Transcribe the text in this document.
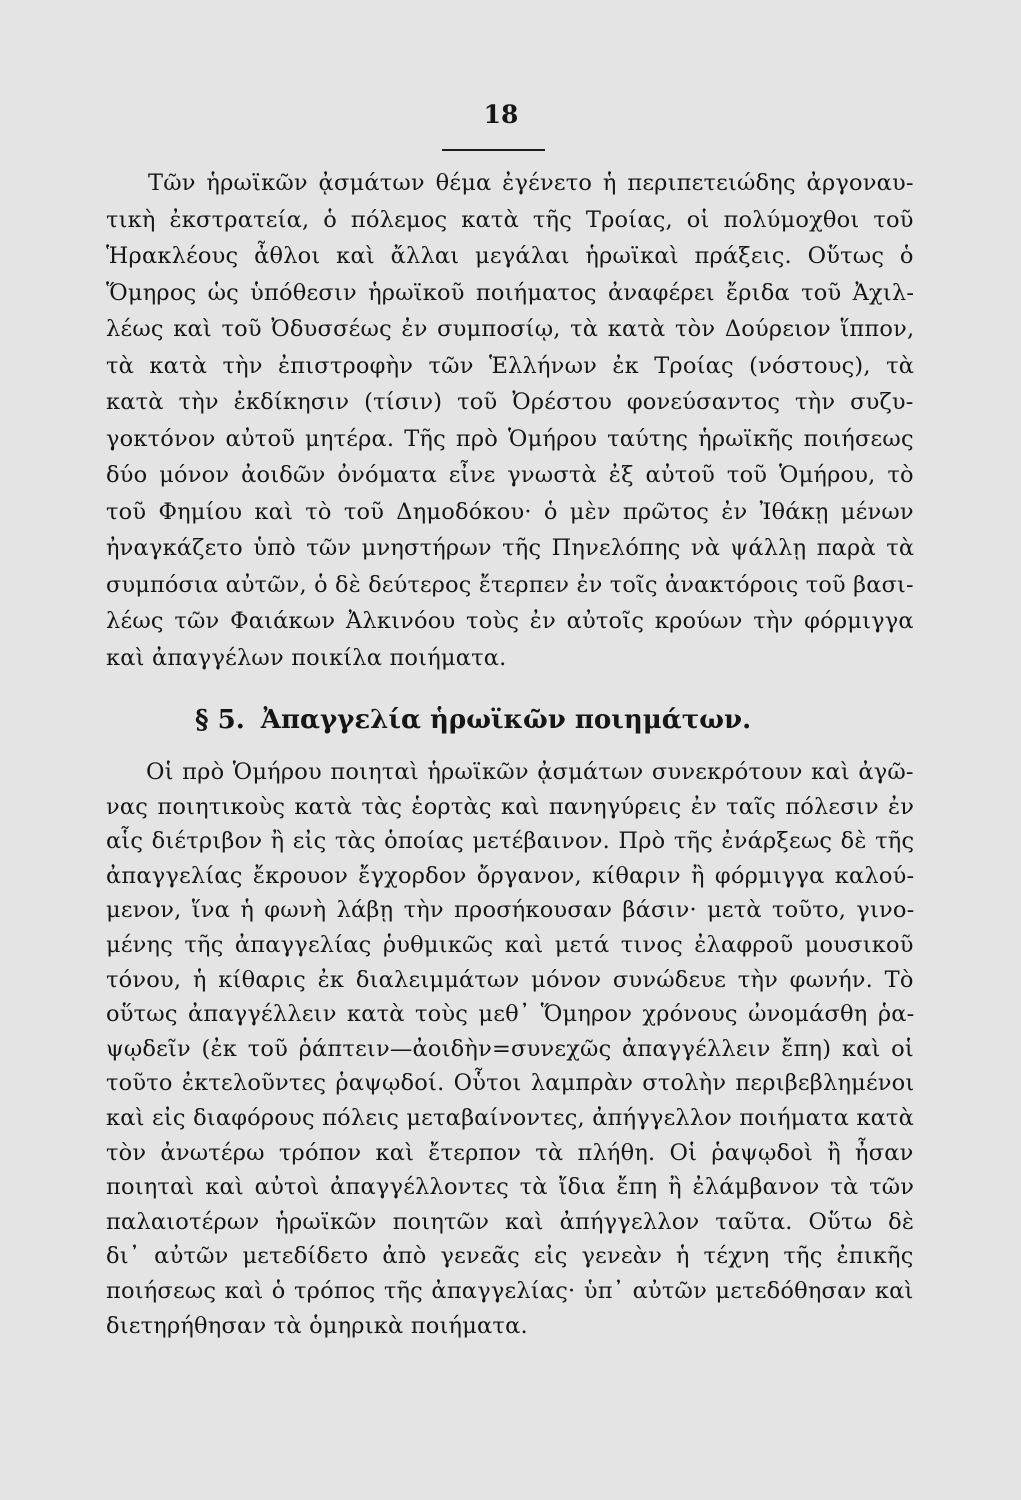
18
Τῶν ἡρωϊκῶν ᾀσμάτων θέμα ἐγένετο ἡ περιπετειώδης ἀργοναυ-
τικὴ ἐκστρατεία, ὁ πόλεμος κατὰ τῆς Τροίας, οἱ πολύμοχθοι τοῦ
Ἡρακλέους ἆθλοι καὶ ἄλλαι μεγάλαι ἡρωϊκαὶ πράξεις. Οὕτως ὁ
Ὅμηρος ὡς ὑπόθεσιν ἡρωϊκοῦ ποιήματος ἀναφέρει ἔριδα τοῦ Ἀχιλ-
λέως καὶ τοῦ Ὀδυσσέως ἐν συμποσίῳ, τὰ κατὰ τὸν Δούρειον ἵππον,
τὰ κατὰ τὴν ἐπιστροφὴν τῶν Ἑλλήνων ἐκ Τροίας (νόστους), τὰ
κατὰ τὴν ἐκδίκησιν (τίσιν) τοῦ Ὀρέστου φονεύσαντος τὴν συζυ-
γοκτόνον αὐτοῦ μητέρα. Τῆς πρὸ Ὁμήρου ταύτης ἡρωϊκῆς ποιήσεως
δύο μόνον ἀοιδῶν ὀνόματα εἶνε γνωστὰ ἐξ αὐτοῦ τοῦ Ὁμήρου, τὸ
τοῦ Φημίου καὶ τὸ τοῦ Δημοδόκου· ὁ μὲν πρῶτος ἐν Ἰθάκῃ μένων
ἠναγκάζετο ὑπὸ τῶν μνηστήρων τῆς Πηνελόπης νὰ ψάλλῃ παρὰ τὰ
συμπόσια αὐτῶν, ὁ δὲ δεύτερος ἔτερπεν ἐν τοῖς ἀνακτόροις τοῦ βασι-
λέως τῶν Φαιάκων Ἀλκινόου τοὺς ἐν αὐτοῖς κρούων τὴν φόρμιγγα
καὶ ἀπαγγέλων ποικίλα ποιήματα.
§ 5. Ἀπαγγελία ἡρωϊκῶν ποιημάτων.
Οἱ πρὸ Ὁμήρου ποιηταὶ ἡρωϊκῶν ᾀσμάτων συνεκρότουν καὶ ἀγῶ-
νας ποιητικοὺς κατὰ τὰς ἑορτὰς καὶ πανηγύρεις ἐν ταῖς πόλεσιν ἐν
αἷς διέτριβον ἢ εἰς τὰς ὁποίας μετέβαινον. Πρὸ τῆς ἐνάρξεως δὲ τῆς
ἀπαγγελίας ἔκρουον ἔγχορδον ὄργανον, κίθαριν ἢ φόρμιγγα καλού-
μενον, ἵνα ἡ φωνὴ λάβῃ τὴν προσήκουσαν βάσιν· μετὰ τοῦτο, γινο-
μένης τῆς ἀπαγγελίας ῥυθμικῶς καὶ μετά τινος ἐλαφροῦ μουσικοῦ
τόνου, ἡ κίθαρις ἐκ διαλειμμάτων μόνον συνώδευε τὴν φωνήν. Τὸ
οὕτως ἀπαγγέλλειν κατὰ τοὺς μεθ᾽ Ὅμηρον χρόνους ὠνομάσθη ῥα-
ψῳδεῖν (ἐκ τοῦ ῥάπτειν—ἀοιδὴν=συνεχῶς ἀπαγγέλλειν ἔπη) καὶ οἱ
τοῦτο ἐκτελοῦντες ῥαψῳδοί. Οὗτοι λαμπρὰν στολὴν περιβεβλημένοι
καὶ εἰς διαφόρους πόλεις μεταβαίνοντες, ἀπήγγελλον ποιήματα κατὰ
τὸν ἀνωτέρω τρόπον καὶ ἔτερπον τὰ πλήθη. Οἱ ῥαψῳδοὶ ἢ ἦσαν
ποιηταὶ καὶ αὐτοὶ ἀπαγγέλλοντες τὰ ἴδια ἔπη ἢ ἐλάμβανον τὰ τῶν
παλαιοτέρων ἡρωϊκῶν ποιητῶν καὶ ἀπήγγελλον ταῦτα. Οὕτω δὲ
δι᾽ αὐτῶν μετεδίδετο ἀπὸ γενεᾶς εἰς γενεὰν ἡ τέχνη τῆς ἐπικῆς
ποιήσεως καὶ ὁ τρόπος τῆς ἀπαγγελίας· ὑπ᾽ αὐτῶν μετεδόθησαν καὶ
διετηρήθησαν τὰ ὁμηρικὰ ποιήματα.
